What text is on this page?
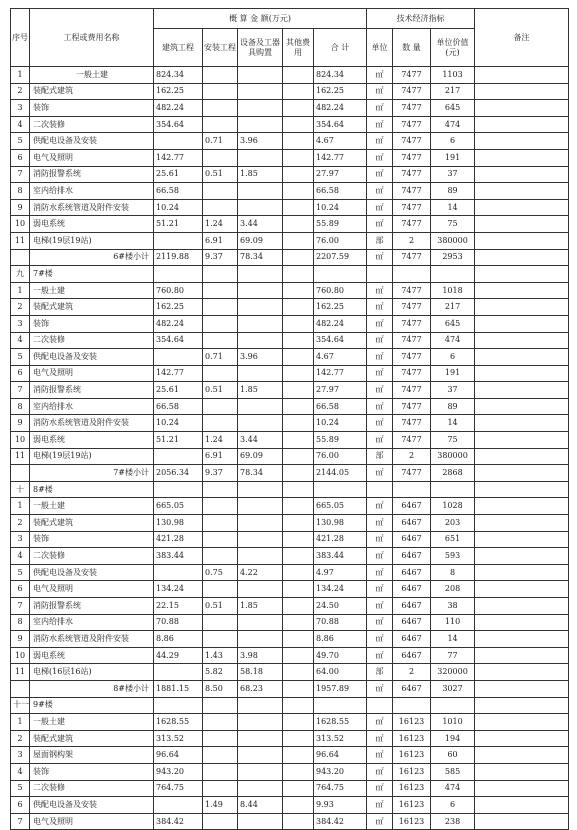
序号	工程或费用名称	概 算 金 额(万元)					技术经济指标			备注
		建筑工程	安装工程	设备及工器具购置	其他费用	合 计	单位	数 量	单位价值(元)	
1	一般土建	824.34				824.34	㎡	7477	1103	
2	装配式建筑	162.25				162.25	㎡	7477	217	
3	装饰	482.24				482.24	㎡	7477	645	
4	二次装修	354.64				354.64	㎡	7477	474	
5	供配电设备及安装		0.71	3.96		4.67	㎡	7477	6	
6	电气及照明	142.77				142.77	㎡	7477	191	
7	消防报警系统	25.61	0.51	1.85		27.97	㎡	7477	37	
8	室内给排水	66.58				66.58	㎡	7477	89	
9	消防水系统管道及附件安装	10.24				10.24	㎡	7477	14	
10	弱电系统	51.21	1.24	3.44		55.89	㎡	7477	75	
11	电梯(19层19站)		6.91	69.09		76.00	部	2	380000	
	6#楼小计	2119.88	9.37	78.34		2207.59	㎡	7477	2953	
九	7#楼									
1	一般土建	760.80				760.80	㎡	7477	1018	
2	装配式建筑	162.25				162.25	㎡	7477	217	
3	装饰	482.24				482.24	㎡	7477	645	
4	二次装修	354.64				354.64	㎡	7477	474	
5	供配电设备及安装		0.71	3.96		4.67	㎡	7477	6	
6	电气及照明	142.77				142.77	㎡	7477	191	
7	消防报警系统	25.61	0.51	1.85		27.97	㎡	7477	37	
8	室内给排水	66.58				66.58	㎡	7477	89	
9	消防水系统管道及附件安装	10.24				10.24	㎡	7477	14	
10	弱电系统	51.21	1.24	3.44		55.89	㎡	7477	75	
11	电梯(19层19站)		6.91	69.09		76.00	部	2	380000	
	7#楼小计	2056.34	9.37	78.34		2144.05	㎡	7477	2868	
十	8#楼									
1	一般土建	665.05				665.05	㎡	6467	1028	
2	装配式建筑	130.98				130.98	㎡	6467	203	
3	装饰	421.28				421.28	㎡	6467	651	
4	二次装修	383.44				383.44	㎡	6467	593	
5	供配电设备及安装		0.75	4.22		4.97	㎡	6467	8	
6	电气及照明	134.24				134.24	㎡	6467	208	
7	消防报警系统	22.15	0.51	1.85		24.50	㎡	6467	38	
8	室内给排水	70.88				70.88	㎡	6467	110	
9	消防水系统管道及附件安装	8.86				8.86	㎡	6467	14	
10	弱电系统	44.29	1.43	3.98		49.70	㎡	6467	77	
11	电梯(16层16站)		5.82	58.18		64.00	部	2	320000	
	8#楼小计	1881.15	8.50	68.23		1957.89	㎡	6467	3027	
十一	9#楼									
1	一般土建	1628.55				1628.55	㎡	16123	1010	
2	装配式建筑	313.52				313.52	㎡	16123	194	
3	屋面钢构架	96.64				96.64	㎡	16123	60	
4	装饰	943.20				943.20	㎡	16123	585	
5	二次装修	764.75				764.75	㎡	16123	474	
6	供配电设备及安装		1.49	8.44		9.93	㎡	16123	6	
7	电气及照明	384.42				384.42	㎡	16123	238	
